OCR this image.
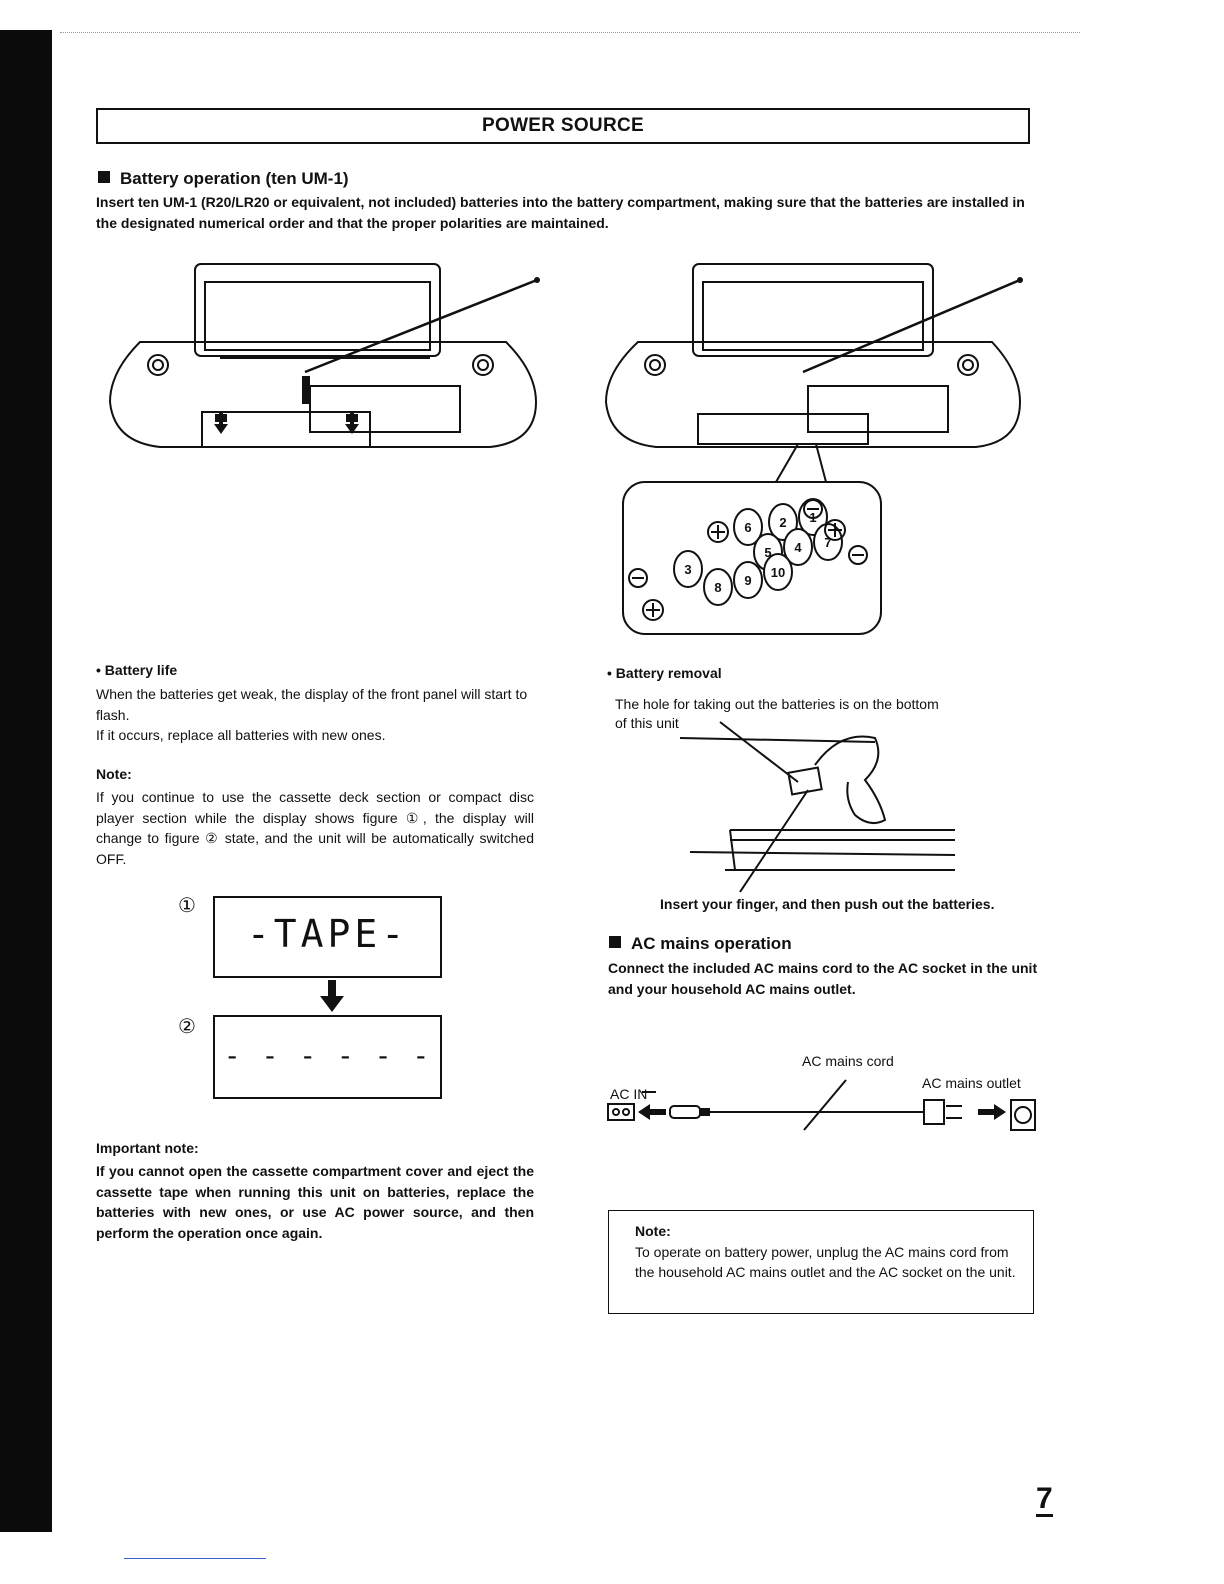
POWER SOURCE
Battery operation (ten UM-1)
Insert ten UM-1 (R20/LR20 or equivalent, not included) batteries into the battery compartment, making sure that the batteries are installed in the designated numerical order and that the proper polarities are maintained.
1
2
3
4
5
6
7
8 9
10
• Battery life
When the batteries get weak, the display of the front panel will start to flash.
If it occurs, replace all batteries with new ones.
Note:
If you continue to use the cassette deck section or compact disc player section while the display shows figure ①, the display will change to figure ② state, and the unit will be automatically switched OFF.
①
-TAPE-
②
- - - - - -
Important note:
If you cannot open the cassette compartment cover and eject the cassette tape when running this unit on batteries, replace the batteries with new ones, or use AC power source, and then perform the operation once again.
• Battery removal
The hole for taking out the batteries is on the bottom
of this unit
Insert your finger, and then push out the batteries.
AC mains operation
Connect the included AC mains cord to the AC socket in the unit and your household AC mains outlet.
AC mains cord
AC mains outlet
AC IN
Note:
To operate on battery power, unplug the AC mains cord from the household AC mains outlet and the AC socket on the unit.
7
